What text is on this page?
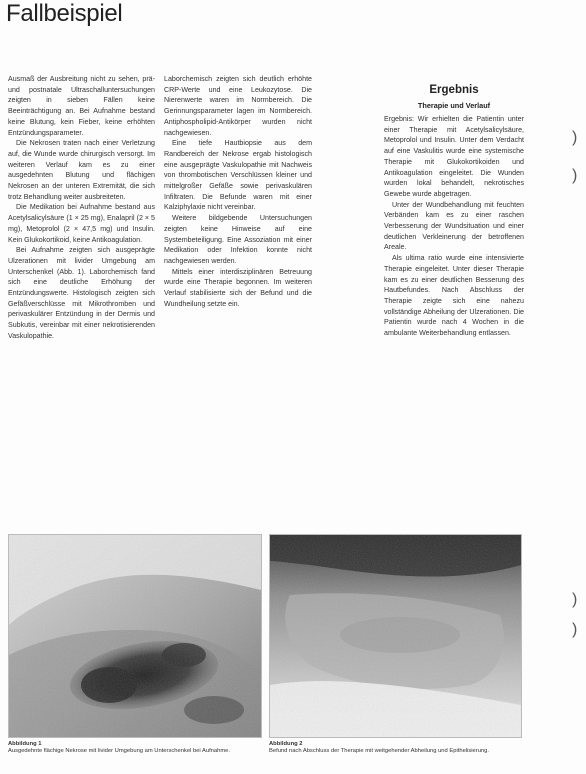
Fallbeispiel

Ausmaß der Ausbreitung nicht zu sehen, prä- und postnatale Ultraschalluntersuchungen zeigten in sieben Fällen keine Beeinträchtigung an. Bei Aufnahme bestand keine Blutung, kein Fieber, keine erhöhten Entzündungsparameter.

Die Nekrosen traten nach einer Verletzung auf, die Wunde wurde chirurgisch versorgt. Im weiteren Verlauf kam es zu einer ausgedehnten Blutung und flächigen Nekrosen an der unteren Extremität, die sich trotz Behandlung weiter ausbreiteten.

Die Medikation bei Aufnahme bestand aus Acetylsalicylsäure (1 × 25 mg), Enalapril (2 × 5 mg), Metoprolol (2 × 47,5 mg) und Insulin. Kein Glukokortikoid, keine Antikoagulation.

Bei Aufnahme zeigten sich ausgeprägte Ulzerationen mit livider Umgebung am Unterschenkel (Abb. 1). Laborchemisch fand sich eine deutliche Erhöhung der Entzündungswerte. Histologisch zeigten sich Gefäßverschlüsse mit Mikrothromben und perivaskulärer Entzündung in der Dermis und Subkutis, vereinbar mit einer nekrotisierenden Vaskulopathie.

Laborchemisch zeigten sich deutlich erhöhte CRP-Werte und eine Leukozytose. Die Nierenwerte waren im Normbereich. Die Gerinnungsparameter lagen im Normbereich. Antiphospholipid-Antikörper wurden nicht nachgewiesen.

Eine tiefe Hautbiopsie aus dem Randbereich der Nekrose ergab histologisch eine ausgeprägte Vaskulopathie mit Nachweis von thrombotischen Verschlüssen kleiner und mittelgroßer Gefäße sowie perivaskulären Infiltraten. Die Befunde waren mit einer Kalziphylaxie nicht vereinbar.

Weitere bildgebende Untersuchungen zeigten keine Hinweise auf eine Systembeteiligung. Eine Assoziation mit einer Medikation oder Infektion konnte nicht nachgewiesen werden.

Mittels einer interdisziplinären Betreuung wurde eine Therapie begonnen. Im weiteren Verlauf stabilisierte sich der Befund und die Wundheilung setzte ein.

Ergebnis
Therapie und Verlauf

Ergebnis: Wir erhielten die Patientin unter einer Therapie mit Acetylsalicylsäure, Metoprolol und Insulin. Unter dem Verdacht auf eine Vaskulitis wurde eine systemische Therapie mit Glukokortikoiden und Antikoagulation eingeleitet. Die Wunden wurden lokal behandelt, nekrotisches Gewebe wurde abgetragen.

Unter der Wundbehandlung mit feuchten Verbänden kam es zu einer raschen Verbesserung der Wundsituation und einer deutlichen Verkleinerung der betroffenen Areale.

Als ultima ratio wurde eine intensivierte Therapie eingeleitet. Unter dieser Therapie kam es zu einer deutlichen Besserung des Hautbefundes. Nach Abschluss der Therapie zeigte sich eine nahezu vollständige Abheilung der Ulzerationen. Die Patientin wurde nach 4 Wochen in die ambulante Weiterbehandlung entlassen.

)
)
)
)
Abbildung 1
Ausgedehnte flächige Nekrose mit livider Umgebung am Unterschenkel bei Aufnahme.
Abbildung 2
Befund nach Abschluss der Therapie mit weitgehender Abheilung und Epithelisierung.
